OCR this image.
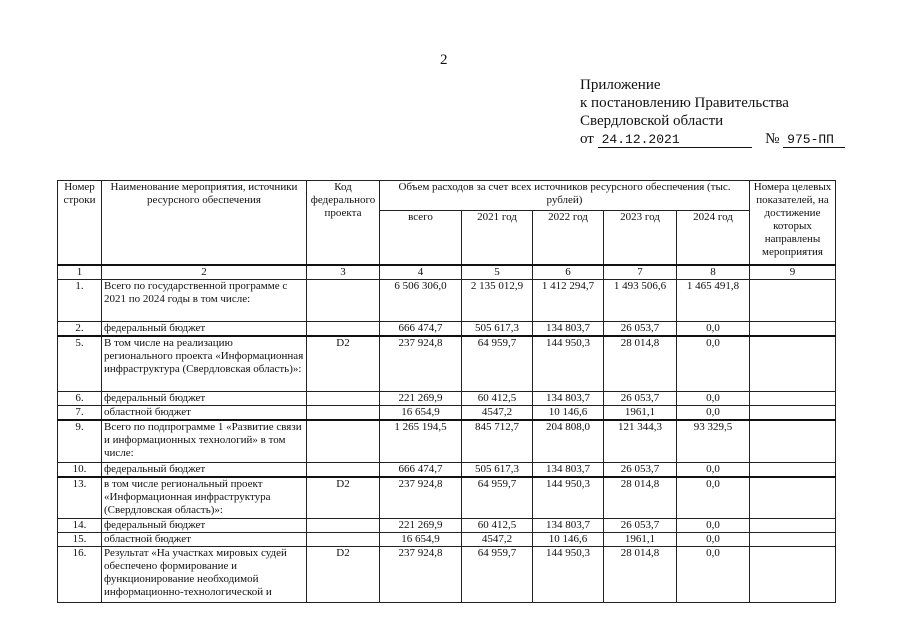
2
Приложение
к постановлению Правительства
Свердловской области
от 24.12.2021	№ 975-ПП
Номер строки	Наименование мероприятия, источники ресурсного обеспечения	Код федерального проекта	Объем расходов за счет всех источников ресурсного обеспечения (тыс. рублей)					Номера целевых показателей, на достижение которых направлены мероприятия
			всего	2021 год	2022 год	2023 год	2024 год	
1	2	3	4	5	6	7	8	9
1.	Всего по государственной программе с 2021 по 2024 годы в том числе:		6 506 306,0	2 135 012,9	1 412 294,7	1 493 506,6	1 465 491,8	
2.	федеральный бюджет		666 474,7	505 617,3	134 803,7	26 053,7	0,0	
5.	В том числе на реализацию регионального проекта «Информационная инфраструктура (Свердловская область)»:	D2	237 924,8	64 959,7	144 950,3	28 014,8	0,0	
6.	федеральный бюджет		221 269,9	60 412,5	134 803,7	26 053,7	0,0	
7.	областной бюджет		16 654,9	4547,2	10 146,6	1961,1	0,0	
9.	Всего по подпрограмме 1 «Развитие связи и информационных технологий» в том числе:		1 265 194,5	845 712,7	204 808,0	121 344,3	93 329,5	
10.	федеральный бюджет		666 474,7	505 617,3	134 803,7	26 053,7	0,0	
13.	в том числе региональный проект «Информационная инфраструктура (Свердловская область)»:	D2	237 924,8	64 959,7	144 950,3	28 014,8	0,0	
14.	федеральный бюджет		221 269,9	60 412,5	134 803,7	26 053,7	0,0	
15.	областной бюджет		16 654,9	4547,2	10 146,6	1961,1	0,0	
16.	Результат «На участках мировых судей обеспечено формирование и функционирование необходимой информационно-технологической и	D2	237 924,8	64 959,7	144 950,3	28 014,8	0,0	
